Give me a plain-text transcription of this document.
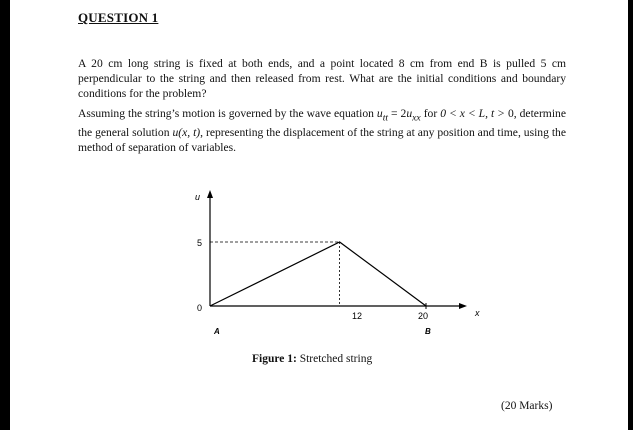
QUESTION 1
A 20 cm long string is fixed at both ends, and a point located 8 cm from end B is pulled 5 cm perpendicular to the string and then released from rest. What are the initial conditions and boundary conditions for the problem?
Assuming the string’s motion is governed by the wave equation $u_{tt} = 2u_{xx}$ for 0 < x < L, t > 0, determine the general solution u(x, t), representing the displacement of the string at any position and time, using the method of separation of variables.
u
5
0
12	20	x
A	B
Figure 1: Stretched string
(20 Marks)
